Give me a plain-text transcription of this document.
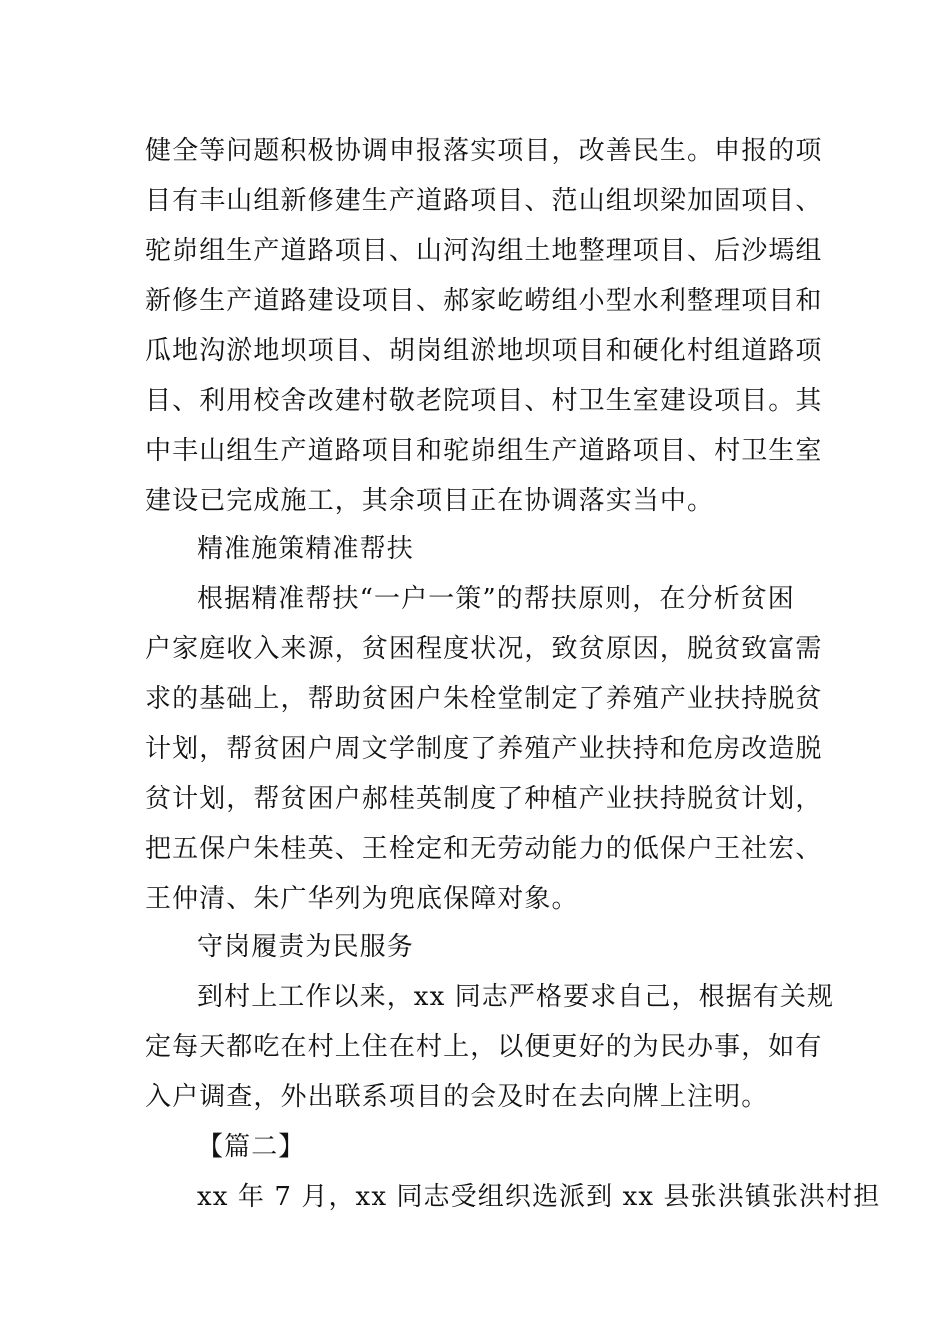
健全等问题积极协调申报落实项目，改善民生。申报的项
目有丰山组新修建生产道路项目、范山组坝梁加固项目、
驼峁组生产道路项目、山河沟组土地整理项目、后沙墕组
新修生产道路建设项目、郝家屹崂组小型水利整理项目和
瓜地沟淤地坝项目、胡岗组淤地坝项目和硬化村组道路项
目、利用校舍改建村敬老院项目、村卫生室建设项目。其
中丰山组生产道路项目和驼峁组生产道路项目、村卫生室
建设已完成施工，其余项目正在协调落实当中。
精准施策精准帮扶
根据精准帮扶“一户一策”的帮扶原则，在分析贫困
户家庭收入来源，贫困程度状况，致贫原因，脱贫致富需
求的基础上，帮助贫困户朱栓堂制定了养殖产业扶持脱贫
计划，帮贫困户周文学制度了养殖产业扶持和危房改造脱
贫计划，帮贫困户郝桂英制度了种植产业扶持脱贫计划，
把五保户朱桂英、王栓定和无劳动能力的低保户王社宏、
王仲清、朱广华列为兜底保障对象。
守岗履责为民服务
到村上工作以来，xx 同志严格要求自己，根据有关规
定每天都吃在村上住在村上，以便更好的为民办事，如有
入户调查，外出联系项目的会及时在去向牌上注明。
【篇二】
xx 年 7 月，xx 同志受组织选派到 xx 县张洪镇张洪村担
